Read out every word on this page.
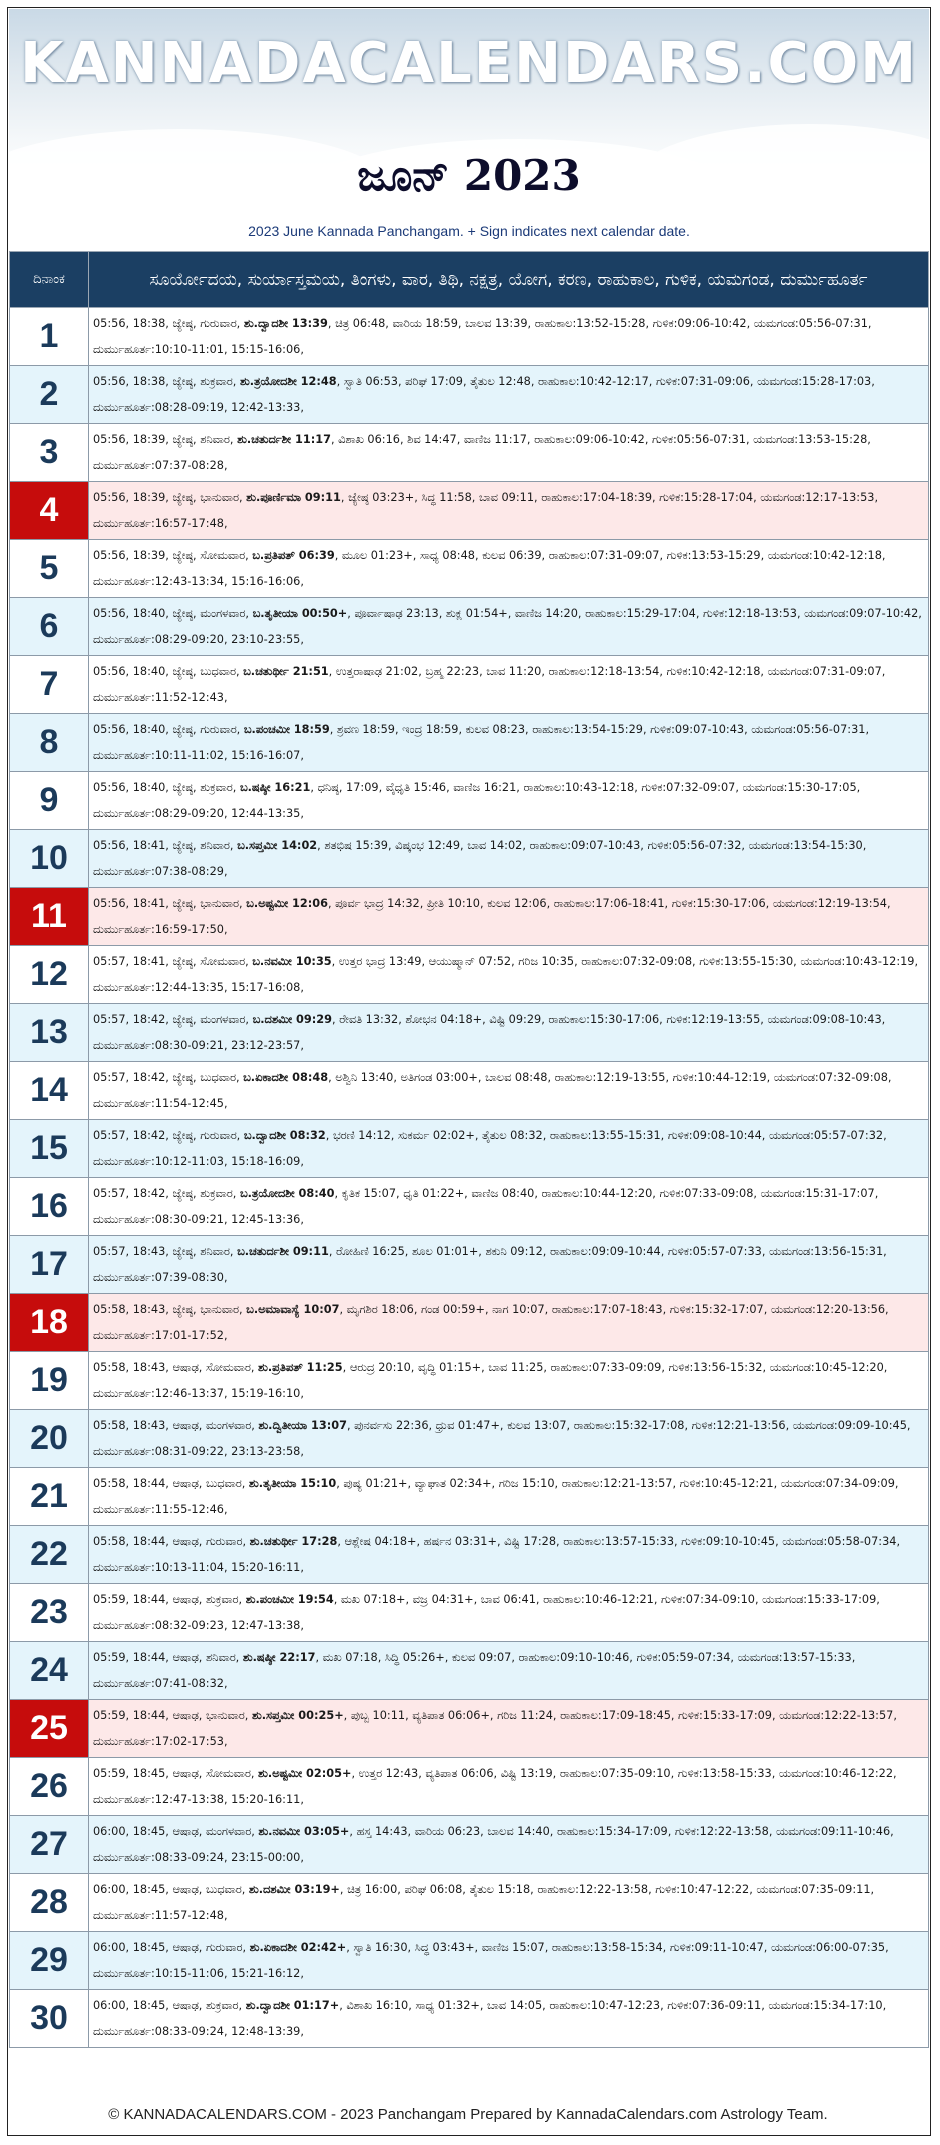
KANNADACALENDARS.COM
ಜೂನ್ 2023
2023 June Kannada Panchangam. + Sign indicates next calendar date.
ದಿನಾಂಕ	ಸೂರ್ಯೋದಯ, ಸುರ್ಯಾಸ್ತಮಯ, ತಿಂಗಳು, ವಾರ, ತಿಥಿ, ನಕ್ಷತ್ರ, ಯೋಗ, ಕರಣ, ರಾಹುಕಾಲ, ಗುಳಿಕ, ಯಮಗಂಡ, ದುರ್ಮುಹೂರ್ತ
1	05:56, 18:38, ಜ್ಯೇಷ್ಠ, ಗುರುವಾರ, ಶು.ದ್ವಾದಶೀ 13:39, ಚಿತ್ರ 06:48, ವಾರಿಯ 18:59, ಬಾಲವ 13:39, ರಾಹುಕಾಲ:13:52-15:28, ಗುಳಿಕ:09:06-10:42, ಯಮಗಂಡ:05:56-07:31, ದುರ್ಮುಹೂರ್ತ:10:10-11:01, 15:15-16:06,
2	05:56, 18:38, ಜ್ಯೇಷ್ಠ, ಶುಕ್ರವಾರ, ಶು.ತ್ರಯೋದಶೀ 12:48, ಸ್ವಾತಿ 06:53, ಪರಿಘ 17:09, ತೈತುಲ 12:48, ರಾಹುಕಾಲ:10:42-12:17, ಗುಳಿಕ:07:31-09:06, ಯಮಗಂಡ:15:28-17:03, ದುರ್ಮುಹೂರ್ತ:08:28-09:19, 12:42-13:33,
3	05:56, 18:39, ಜ್ಯೇಷ್ಠ, ಶನಿವಾರ, ಶು.ಚತುರ್ದಶೀ 11:17, ವಿಶಾಖ 06:16, ಶಿವ 14:47, ವಾಣಿಜ 11:17, ರಾಹುಕಾಲ:09:06-10:42, ಗುಳಿಕ:05:56-07:31, ಯಮಗಂಡ:13:53-15:28, ದುರ್ಮುಹೂರ್ತ:07:37-08:28,
4	05:56, 18:39, ಜ್ಯೇಷ್ಠ, ಭಾನುವಾರ, ಶು.ಪೂರ್ಣಿಮಾ 09:11, ಜ್ಯೇಷ್ಠ 03:23+, ಸಿದ್ಧ 11:58, ಬಾವ 09:11, ರಾಹುಕಾಲ:17:04-18:39, ಗುಳಿಕ:15:28-17:04, ಯಮಗಂಡ:12:17-13:53, ದುರ್ಮುಹೂರ್ತ:16:57-17:48,
5	05:56, 18:39, ಜ್ಯೇಷ್ಠ, ಸೋಮವಾರ, ಬ.ಪ್ರತಿಪತ್ 06:39, ಮೂಲ 01:23+, ಸಾಧ್ಯ 08:48, ಕುಲವ 06:39, ರಾಹುಕಾಲ:07:31-09:07, ಗುಳಿಕ:13:53-15:29, ಯಮಗಂಡ:10:42-12:18, ದುರ್ಮುಹೂರ್ತ:12:43-13:34, 15:16-16:06,
6	05:56, 18:40, ಜ್ಯೇಷ್ಠ, ಮಂಗಳವಾರ, ಬ.ತೃತೀಯಾ 00:50+, ಪೂರ್ವಾಷಾಢ 23:13, ಶುಕ್ಲ 01:54+, ವಾಣಿಜ 14:20, ರಾಹುಕಾಲ:15:29-17:04, ಗುಳಿಕ:12:18-13:53, ಯಮಗಂಡ:09:07-10:42, ದುರ್ಮುಹೂರ್ತ:08:29-09:20, 23:10-23:55,
7	05:56, 18:40, ಜ್ಯೇಷ್ಠ, ಬುಧವಾರ, ಬ.ಚತುರ್ಥೀ 21:51, ಉತ್ತರಾಷಾಢ 21:02, ಬ್ರಹ್ಮ 22:23, ಬಾವ 11:20, ರಾಹುಕಾಲ:12:18-13:54, ಗುಳಿಕ:10:42-12:18, ಯಮಗಂಡ:07:31-09:07, ದುರ್ಮುಹೂರ್ತ:11:52-12:43,
8	05:56, 18:40, ಜ್ಯೇಷ್ಠ, ಗುರುವಾರ, ಬ.ಪಂಚಮೀ 18:59, ಶ್ರವಣ 18:59, ಇಂದ್ರ 18:59, ಕುಲವ 08:23, ರಾಹುಕಾಲ:13:54-15:29, ಗುಳಿಕ:09:07-10:43, ಯಮಗಂಡ:05:56-07:31, ದುರ್ಮುಹೂರ್ತ:10:11-11:02, 15:16-16:07,
9	05:56, 18:40, ಜ್ಯೇಷ್ಠ, ಶುಕ್ರವಾರ, ಬ.ಷಷ್ಠೀ 16:21, ಧನಿಷ್ಠ, 17:09, ವೈಧೃತಿ 15:46, ವಾಣಿಜ 16:21, ರಾಹುಕಾಲ:10:43-12:18, ಗುಳಿಕ:07:32-09:07, ಯಮಗಂಡ:15:30-17:05, ದುರ್ಮುಹೂರ್ತ:08:29-09:20, 12:44-13:35,
10	05:56, 18:41, ಜ್ಯೇಷ್ಠ, ಶನಿವಾರ, ಬ.ಸಪ್ತಮೀ 14:02, ಶತಭಿಷ 15:39, ವಿಷ್ಕಂಭ 12:49, ಬಾವ 14:02, ರಾಹುಕಾಲ:09:07-10:43, ಗುಳಿಕ:05:56-07:32, ಯಮಗಂಡ:13:54-15:30, ದುರ್ಮುಹೂರ್ತ:07:38-08:29,
11	05:56, 18:41, ಜ್ಯೇಷ್ಠ, ಭಾನುವಾರ, ಬ.ಅಷ್ಟಮೀ 12:06, ಪೂರ್ವ ಭಾದ್ರ 14:32, ಪ್ರೀತಿ 10:10, ಕುಲವ 12:06, ರಾಹುಕಾಲ:17:06-18:41, ಗುಳಿಕ:15:30-17:06, ಯಮಗಂಡ:12:19-13:54, ದುರ್ಮುಹೂರ್ತ:16:59-17:50,
12	05:57, 18:41, ಜ್ಯೇಷ್ಠ, ಸೋಮವಾರ, ಬ.ನವಮೀ 10:35, ಉತ್ತರ ಭಾದ್ರ 13:49, ಆಯುಷ್ಮಾನ್ 07:52, ಗರಿಜ 10:35, ರಾಹುಕಾಲ:07:32-09:08, ಗುಳಿಕ:13:55-15:30, ಯಮಗಂಡ:10:43-12:19, ದುರ್ಮುಹೂರ್ತ:12:44-13:35, 15:17-16:08,
13	05:57, 18:42, ಜ್ಯೇಷ್ಠ, ಮಂಗಳವಾರ, ಬ.ದಶಮೀ 09:29, ರೇವತಿ 13:32, ಶೋಭನ 04:18+, ವಿಷ್ಟಿ 09:29, ರಾಹುಕಾಲ:15:30-17:06, ಗುಳಿಕ:12:19-13:55, ಯಮಗಂಡ:09:08-10:43, ದುರ್ಮುಹೂರ್ತ:08:30-09:21, 23:12-23:57,
14	05:57, 18:42, ಜ್ಯೇಷ್ಠ, ಬುಧವಾರ, ಬ.ಏಕಾದಶೀ 08:48, ಅಶ್ವಿನಿ 13:40, ಅತಿಗಂಡ 03:00+, ಬಾಲವ 08:48, ರಾಹುಕಾಲ:12:19-13:55, ಗುಳಿಕ:10:44-12:19, ಯಮಗಂಡ:07:32-09:08, ದುರ್ಮುಹೂರ್ತ:11:54-12:45,
15	05:57, 18:42, ಜ್ಯೇಷ್ಠ, ಗುರುವಾರ, ಬ.ದ್ವಾದಶೀ 08:32, ಭರಣಿ 14:12, ಸುಕರ್ಮ 02:02+, ತೈತುಲ 08:32, ರಾಹುಕಾಲ:13:55-15:31, ಗುಳಿಕ:09:08-10:44, ಯಮಗಂಡ:05:57-07:32, ದುರ್ಮುಹೂರ್ತ:10:12-11:03, 15:18-16:09,
16	05:57, 18:42, ಜ್ಯೇಷ್ಠ, ಶುಕ್ರವಾರ, ಬ.ತ್ರಯೋದಶೀ 08:40, ಕೃತಿಕ 15:07, ಧೃತಿ 01:22+, ವಾಣಿಜ 08:40, ರಾಹುಕಾಲ:10:44-12:20, ಗುಳಿಕ:07:33-09:08, ಯಮಗಂಡ:15:31-17:07, ದುರ್ಮುಹೂರ್ತ:08:30-09:21, 12:45-13:36,
17	05:57, 18:43, ಜ್ಯೇಷ್ಠ, ಶನಿವಾರ, ಬ.ಚತುರ್ದಶೀ 09:11, ರೋಹಿಣಿ 16:25, ಶೂಲ 01:01+, ಶಕುನಿ 09:12, ರಾಹುಕಾಲ:09:09-10:44, ಗುಳಿಕ:05:57-07:33, ಯಮಗಂಡ:13:56-15:31, ದುರ್ಮುಹೂರ್ತ:07:39-08:30,
18	05:58, 18:43, ಜ್ಯೇಷ್ಠ, ಭಾನುವಾರ, ಬ.ಅಮಾವಾಸ್ಯೆ 10:07, ಮೃಗಶಿರ 18:06, ಗಂಡ 00:59+, ನಾಗ 10:07, ರಾಹುಕಾಲ:17:07-18:43, ಗುಳಿಕ:15:32-17:07, ಯಮಗಂಡ:12:20-13:56, ದುರ್ಮುಹೂರ್ತ:17:01-17:52,
19	05:58, 18:43, ಆಷಾಢ, ಸೋಮವಾರ, ಶು.ಪ್ರತಿಪತ್ 11:25, ಆರುದ್ರ 20:10, ವೃದ್ಧಿ 01:15+, ಬಾವ 11:25, ರಾಹುಕಾಲ:07:33-09:09, ಗುಳಿಕ:13:56-15:32, ಯಮಗಂಡ:10:45-12:20, ದುರ್ಮುಹೂರ್ತ:12:46-13:37, 15:19-16:10,
20	05:58, 18:43, ಆಷಾಢ, ಮಂಗಳವಾರ, ಶು.ದ್ವಿತೀಯಾ 13:07, ಪುನರ್ವಸು 22:36, ಧ್ರುವ 01:47+, ಕುಲವ 13:07, ರಾಹುಕಾಲ:15:32-17:08, ಗುಳಿಕ:12:21-13:56, ಯಮಗಂಡ:09:09-10:45, ದುರ್ಮುಹೂರ್ತ:08:31-09:22, 23:13-23:58,
21	05:58, 18:44, ಆಷಾಢ, ಬುಧವಾರ, ಶು.ತೃತೀಯಾ 15:10, ಪುಷ್ಯ 01:21+, ವ್ಯಾಘಾತ 02:34+, ಗರಿಜ 15:10, ರಾಹುಕಾಲ:12:21-13:57, ಗುಳಿಕ:10:45-12:21, ಯಮಗಂಡ:07:34-09:09, ದುರ್ಮುಹೂರ್ತ:11:55-12:46,
22	05:58, 18:44, ಆಷಾಢ, ಗುರುವಾರ, ಶು.ಚತುರ್ಥೀ 17:28, ಆಶ್ಲೇಷ 04:18+, ಹರ್ಷನ 03:31+, ವಿಷ್ಟಿ 17:28, ರಾಹುಕಾಲ:13:57-15:33, ಗುಳಿಕ:09:10-10:45, ಯಮಗಂಡ:05:58-07:34, ದುರ್ಮುಹೂರ್ತ:10:13-11:04, 15:20-16:11,
23	05:59, 18:44, ಆಷಾಢ, ಶುಕ್ರವಾರ, ಶು.ಪಂಚಮೀ 19:54, ಮಖ 07:18+, ವಜ್ರ 04:31+, ಬಾವ 06:41, ರಾಹುಕಾಲ:10:46-12:21, ಗುಳಿಕ:07:34-09:10, ಯಮಗಂಡ:15:33-17:09, ದುರ್ಮುಹೂರ್ತ:08:32-09:23, 12:47-13:38,
24	05:59, 18:44, ಆಷಾಢ, ಶನಿವಾರ, ಶು.ಷಷ್ಠೀ 22:17, ಮಖ 07:18, ಸಿದ್ಧಿ 05:26+, ಕುಲವ 09:07, ರಾಹುಕಾಲ:09:10-10:46, ಗುಳಿಕ:05:59-07:34, ಯಮಗಂಡ:13:57-15:33, ದುರ್ಮುಹೂರ್ತ:07:41-08:32,
25	05:59, 18:44, ಆಷಾಢ, ಭಾನುವಾರ, ಶು.ಸಪ್ತಮೀ 00:25+, ಪುಬ್ಬ 10:11, ವ್ಯತಿಪಾತ 06:06+, ಗರಿಜ 11:24, ರಾಹುಕಾಲ:17:09-18:45, ಗುಳಿಕ:15:33-17:09, ಯಮಗಂಡ:12:22-13:57, ದುರ್ಮುಹೂರ್ತ:17:02-17:53,
26	05:59, 18:45, ಆಷಾಢ, ಸೋಮವಾರ, ಶು.ಅಷ್ಟಮೀ 02:05+, ಉತ್ತರ 12:43, ವ್ಯತಿಪಾತ 06:06, ವಿಷ್ಟಿ 13:19, ರಾಹುಕಾಲ:07:35-09:10, ಗುಳಿಕ:13:58-15:33, ಯಮಗಂಡ:10:46-12:22, ದುರ್ಮುಹೂರ್ತ:12:47-13:38, 15:20-16:11,
27	06:00, 18:45, ಆಷಾಢ, ಮಂಗಳವಾರ, ಶು.ನವಮೀ 03:05+, ಹಸ್ತ 14:43, ವಾರಿಯ 06:23, ಬಾಲವ 14:40, ರಾಹುಕಾಲ:15:34-17:09, ಗುಳಿಕ:12:22-13:58, ಯಮಗಂಡ:09:11-10:46, ದುರ್ಮುಹೂರ್ತ:08:33-09:24, 23:15-00:00,
28	06:00, 18:45, ಆಷಾಢ, ಬುಧವಾರ, ಶು.ದಶಮೀ 03:19+, ಚಿತ್ರ 16:00, ಪರಿಘ 06:08, ತೈತುಲ 15:18, ರಾಹುಕಾಲ:12:22-13:58, ಗುಳಿಕ:10:47-12:22, ಯಮಗಂಡ:07:35-09:11, ದುರ್ಮುಹೂರ್ತ:11:57-12:48,
29	06:00, 18:45, ಆಷಾಢ, ಗುರುವಾರ, ಶು.ಏಕಾದಶೀ 02:42+, ಸ್ವಾತಿ 16:30, ಸಿದ್ಧ 03:43+, ವಾಣಿಜ 15:07, ರಾಹುಕಾಲ:13:58-15:34, ಗುಳಿಕ:09:11-10:47, ಯಮಗಂಡ:06:00-07:35, ದುರ್ಮುಹೂರ್ತ:10:15-11:06, 15:21-16:12,
30	06:00, 18:45, ಆಷಾಢ, ಶುಕ್ರವಾರ, ಶು.ದ್ವಾದಶೀ 01:17+, ವಿಶಾಖ 16:10, ಸಾಧ್ಯ 01:32+, ಬಾವ 14:05, ರಾಹುಕಾಲ:10:47-12:23, ಗುಳಿಕ:07:36-09:11, ಯಮಗಂಡ:15:34-17:10, ದುರ್ಮುಹೂರ್ತ:08:33-09:24, 12:48-13:39,
© KANNADACALENDARS.COM - 2023 Panchangam Prepared by KannadaCalendars.com Astrology Team.
